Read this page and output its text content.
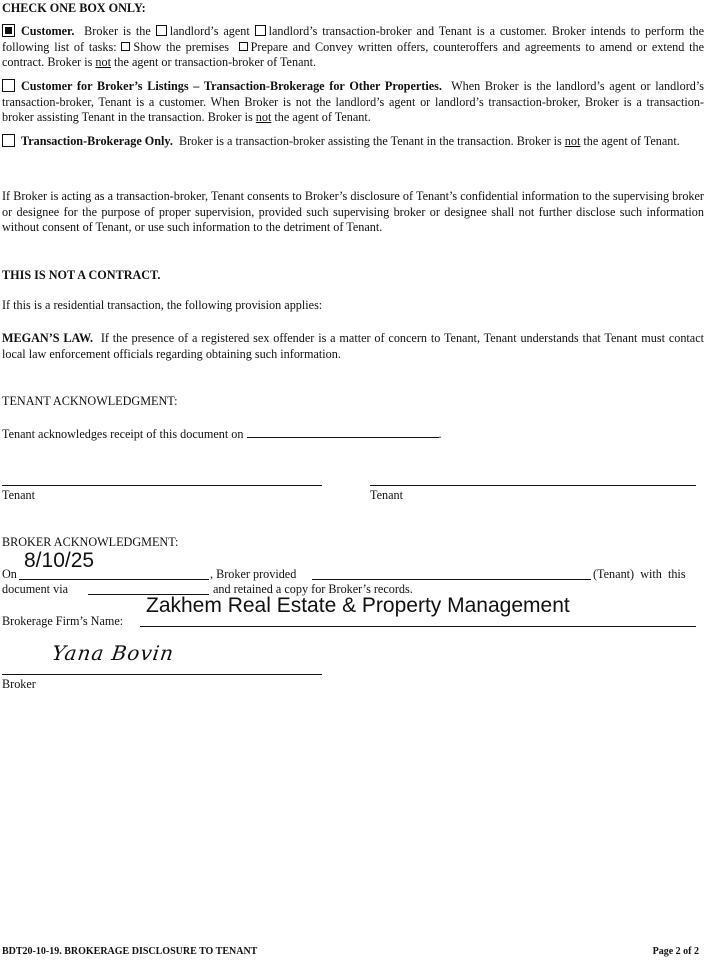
CHECK ONE BOX ONLY:

Customer. Broker is the landlord’s agent landlord’s transaction-broker and Tenant is a customer. Broker intends to perform the following list of tasks: Show the premises Prepare and Convey written offers, counteroffers and agreements to amend or extend the contract. Broker is not the agent or transaction-broker of Tenant.

Customer for Broker’s Listings – Transaction-Brokerage for Other Properties. When Broker is the landlord’s agent or landlord’s transaction-broker, Tenant is a customer. When Broker is not the landlord’s agent or landlord’s transaction-broker, Broker is a transaction-broker assisting Tenant in the transaction. Broker is not the agent of Tenant.

Transaction-Brokerage Only. Broker is a transaction-broker assisting the Tenant in the transaction. Broker is not the agent of Tenant.

If Broker is acting as a transaction-broker, Tenant consents to Broker’s disclosure of Tenant’s confidential information to the supervising broker or designee for the purpose of proper supervision, provided such supervising broker or designee shall not further disclose such information without consent of Tenant, or use such information to the detriment of Tenant.

THIS IS NOT A CONTRACT.
If this is a residential transaction, the following provision applies:

MEGAN’S LAW. If the presence of a registered sex offender is a matter of concern to Tenant, Tenant understands that Tenant must contact local law enforcement officials regarding obtaining such information.

TENANT ACKNOWLEDGMENT:
Tenant acknowledges receipt of this document on	.
Tenant	Tenant
BROKER ACKNOWLEDGMENT:
On
8/10/25
, Broker provided	(Tenant)  with  this
document via	and retained a copy for Broker’s records.
Brokerage Firm’s Name:
Zakhem Real Estate & Property Management
Yana Bovin
Broker
BDT20-10-19. BROKERAGE DISCLOSURE TO TENANT	Page 2 of 2
